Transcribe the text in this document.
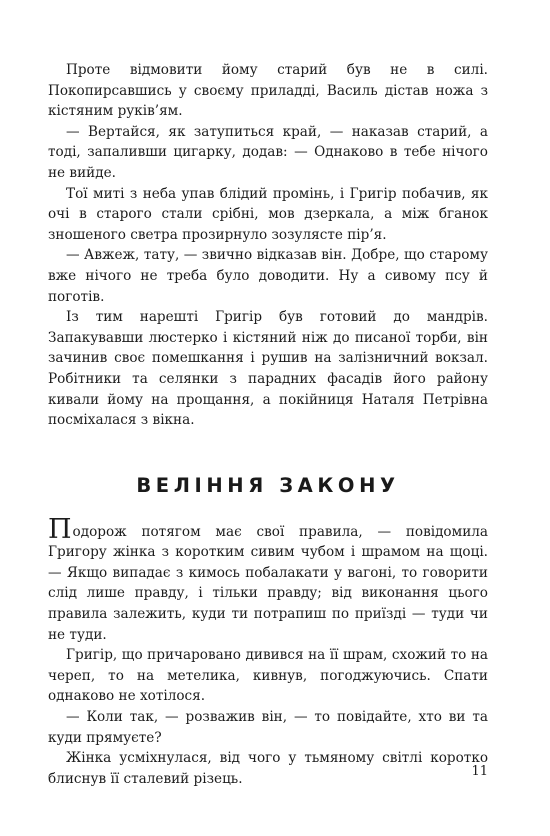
Проте відмовити йому старий був не в силі. Покопирсавшись у своєму приладді, Василь дістав ножа з кістяним руків’ям.

— Вертайся, як затупиться край, — наказав старий, а тоді, запаливши цигарку, додав: — Однаково в тебе нічого не вийде.

Тої миті з неба упав блідий промінь, і Григір побачив, як очі в старого стали срібні, мов дзеркала, а між бганок зношеного светра прозирнуло зозулясте пір’я.

— Авжеж, тату, — звично відказав він. Добре, що старому вже нічого не треба було доводити. Ну а сивому псу й поготів.

Із тим нарешті Григір був готовий до мандрів. Запакувавши люстерко і кістяний ніж до писаної торби, він зачинив своє помешкання і рушив на залізничний вокзал. Робітники та селянки з парадних фасадів його району кивали йому на прощання, а покійниця Наталя Петрівна посміхалася з вікна.

ВЕЛІННЯ ЗАКОНУ

Подорож потягом має свої правила, — повідомила Григору жінка з коротким сивим чубом і шрамом на щоці. — Якщо випадає з кимось побалакати у вагоні, то говорити слід лише правду, і тільки правду; від виконання цього правила залежить, куди ти потрапиш по приїзді — туди чи не туди.

Григір, що причаровано дивився на її шрам, схожий то на череп, то на метелика, кивнув, погоджуючись. Спати однаково не хотілося.

— Коли так, — розважив він, — то повідайте, хто ви та куди прямуєте?

Жінка усміхнулася, від чого у тьмяному світлі коротко блиснув її сталевий різець.	11
